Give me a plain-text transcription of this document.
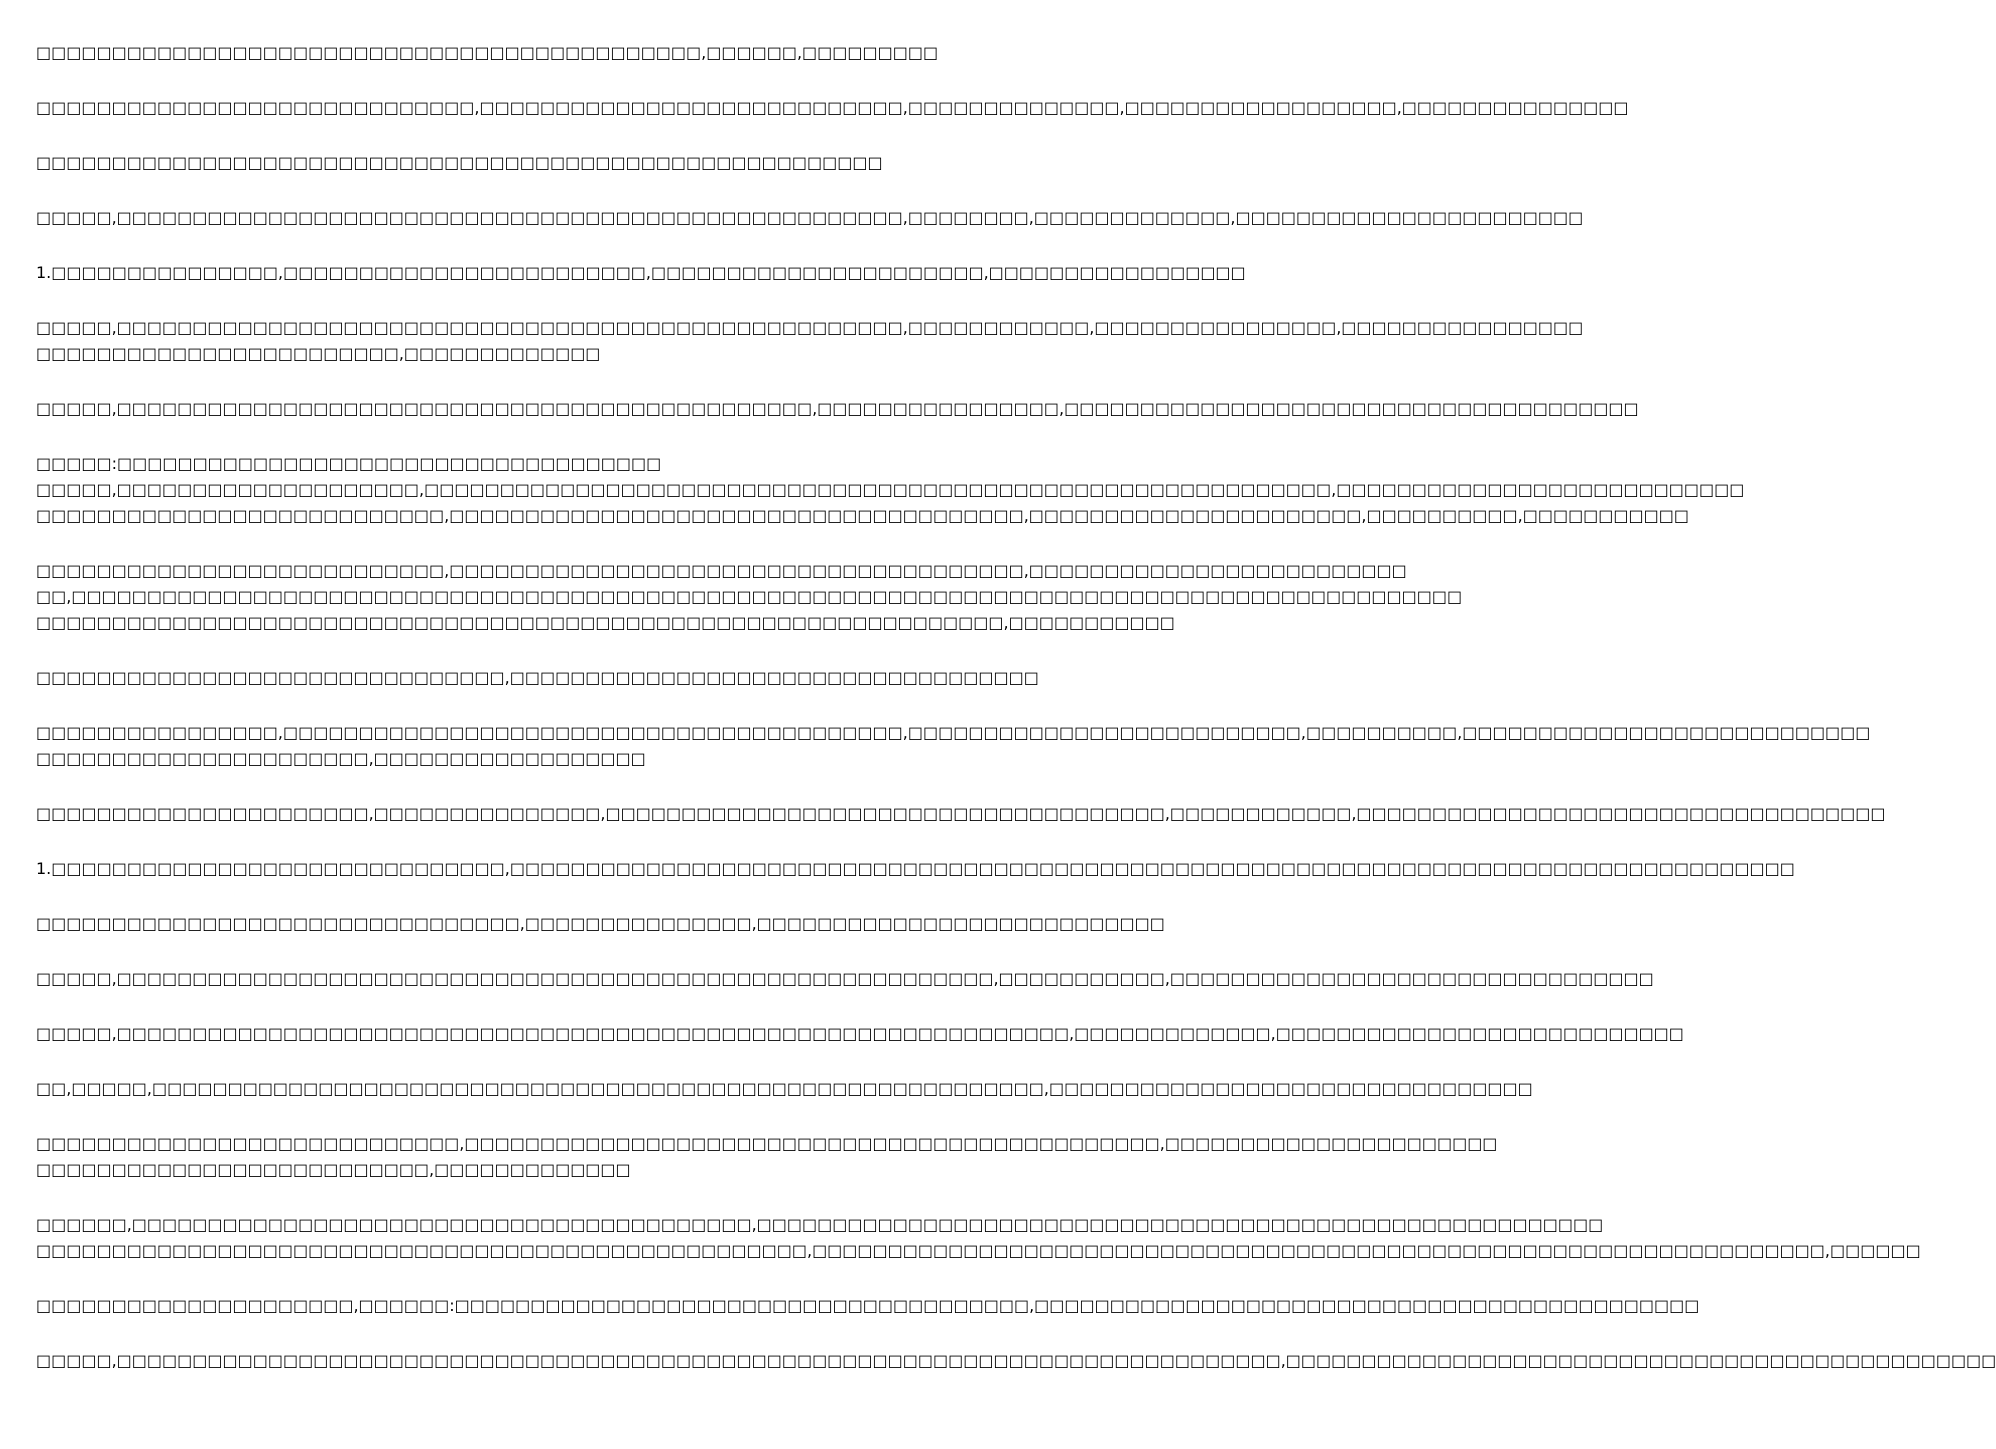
□□□□□□□□□□□□□□□□□□□□□□□□□□□□□□□□□□□□□□□□□□□□,□□□□□□,□□□□□□□□□

□□□□□□□□□□□□□□□□□□□□□□□□□□□□□,□□□□□□□□□□□□□□□□□□□□□□□□□□□□,□□□□□□□□□□□□□□,□□□□□□□□□□□□□□□□□□,□□□□□□□□□□□□□□□

□□□□□□□□□□□□□□□□□□□□□□□□□□□□□□□□□□□□□□□□□□□□□□□□□□□□□□□□

□□□□□,□□□□□□□□□□□□□□□□□□□□□□□□□□□□□□□□□□□□□□□□□□□□□□□□□□□□,□□□□□□□□,□□□□□□□□□□□□□,□□□□□□□□□□□□□□□□□□□□□□□

1.□□□□□□□□□□□□□□□,□□□□□□□□□□□□□□□□□□□□□□□□,□□□□□□□□□□□□□□□□□□□□□□,□□□□□□□□□□□□□□□□□

□□□□□,□□□□□□□□□□□□□□□□□□□□□□□□□□□□□□□□□□□□□□□□□□□□□□□□□□□□,□□□□□□□□□□□□,□□□□□□□□□□□□□□□□,□□□□□□□□□□□□□□□□
□□□□□□□□□□□□□□□□□□□□□□□□,□□□□□□□□□□□□□

□□□□□,□□□□□□□□□□□□□□□□□□□□□□□□□□□□□□□□□□□□□□□□□□□□□□,□□□□□□□□□□□□□□□□,□□□□□□□□□□□□□□□□□□□□□□□□□□□□□□□□□□□□□□

□□□□□:□□□□□□□□□□□□□□□□□□□□□□□□□□□□□□□□□□□□
□□□□□,□□□□□□□□□□□□□□□□□□□□,□□□□□□□□□□□□□□□□□□□□□□□□□□□□□□□□□□□□□□□□□□□□□□□□□□□□□□□□□□□□,□□□□□□□□□□□□□□□□□□□□□□□□□□□
□□□□□□□□□□□□□□□□□□□□□□□□□□□,□□□□□□□□□□□□□□□□□□□□□□□□□□□□□□□□□□□□□□,□□□□□□□□□□□□□□□□□□□□□□,□□□□□□□□□□,□□□□□□□□□□□

□□□□□□□□□□□□□□□□□□□□□□□□□□□,□□□□□□□□□□□□□□□□□□□□□□□□□□□□□□□□□□□□□□,□□□□□□□□□□□□□□□□□□□□□□□□□
□□,□□□□□□□□□□□□□□□□□□□□□□□□□□□□□□□□□□□□□□□□□□□□□□□□□□□□□□□□□□□□□□□□□□□□□□□□□□□□□□□□□□□□□□□□□□□□
□□□□□□□□□□□□□□□□□□□□□□□□□□□□□□□□□□□□□□□□□□□□□□□□□□□□□□□□□□□□□□□□,□□□□□□□□□□□

□□□□□□□□□□□□□□□□□□□□□□□□□□□□□□□,□□□□□□□□□□□□□□□□□□□□□□□□□□□□□□□□□□□

□□□□□□□□□□□□□□□□,□□□□□□□□□□□□□□□□□□□□□□□□□□□□□□□□□□□□□□□□□,□□□□□□□□□□□□□□□□□□□□□□□□□□,□□□□□□□□□□,□□□□□□□□□□□□□□□□□□□□□□□□□□□
□□□□□□□□□□□□□□□□□□□□□□,□□□□□□□□□□□□□□□□□□

□□□□□□□□□□□□□□□□□□□□□□,□□□□□□□□□□□□□□□,□□□□□□□□□□□□□□□□□□□□□□□□□□□□□□□□□□□□□,□□□□□□□□□□□□,□□□□□□□□□□□□□□□□□□□□□□□□□□□□□□□□□□□

1.□□□□□□□□□□□□□□□□□□□□□□□□□□□□□□,□□□□□□□□□□□□□□□□□□□□□□□□□□□□□□□□□□□□□□□□□□□□□□□□□□□□□□□□□□□□□□□□□□□□□□□□□□□□□□□□□□□□□

□□□□□□□□□□□□□□□□□□□□□□□□□□□□□□□□,□□□□□□□□□□□□□□□,□□□□□□□□□□□□□□□□□□□□□□□□□□□

□□□□□,□□□□□□□□□□□□□□□□□□□□□□□□□□□□□□□□□□□□□□□□□□□□□□□□□□□□□□□□□□,□□□□□□□□□□□,□□□□□□□□□□□□□□□□□□□□□□□□□□□□□□□□

□□□□□,□□□□□□□□□□□□□□□□□□□□□□□□□□□□□□□□□□□□□□□□□□□□□□□□□□□□□□□□□□□□□□□,□□□□□□□□□□□□□,□□□□□□□□□□□□□□□□□□□□□□□□□□□

□□,□□□□□,□□□□□□□□□□□□□□□□□□□□□□□□□□□□□□□□□□□□□□□□□□□□□□□□□□□□□□□□□□□,□□□□□□□□□□□□□□□□□□□□□□□□□□□□□□□□

□□□□□□□□□□□□□□□□□□□□□□□□□□□□,□□□□□□□□□□□□□□□□□□□□□□□□□□□□□□□□□□□□□□□□□□□□□□,□□□□□□□□□□□□□□□□□□□□□□
□□□□□□□□□□□□□□□□□□□□□□□□□□,□□□□□□□□□□□□□

□□□□□□,□□□□□□□□□□□□□□□□□□□□□□□□□□□□□□□□□□□□□□□□□,□□□□□□□□□□□□□□□□□□□□□□□□□□□□□□□□□□□□□□□□□□□□□□□□□□□□□□□□
□□□□□□□□□□□□□□□□□□□□□□□□□□□□□□□□□□□□□□□□□□□□□□□□□□□,□□□□□□□□□□□□□□□□□□□□□□□□□□□□□□□□□□□□□□□□□□□□□□□□□□□□□□□□□□□□□□□□□□□,□□□□□□

□□□□□□□□□□□□□□□□□□□□□,□□□□□□:□□□□□□□□□□□□□□□□□□□□□□□□□□□□□□□□□□□□□□,□□□□□□□□□□□□□□□□□□□□□□□□□□□□□□□□□□□□□□□□□□□□

□□□□□,□□□□□□□□□□□□□□□□□□□□□□□□□□□□□□□□□□□□□□□□□□□□□□□□□□□□□□□□□□□□□□□□□□□□□□□□□□□□□,□□□□□□□□□□□□□□□□□□□□□□□□□□□□□□□□□□□□□□□□□□□□□□□
